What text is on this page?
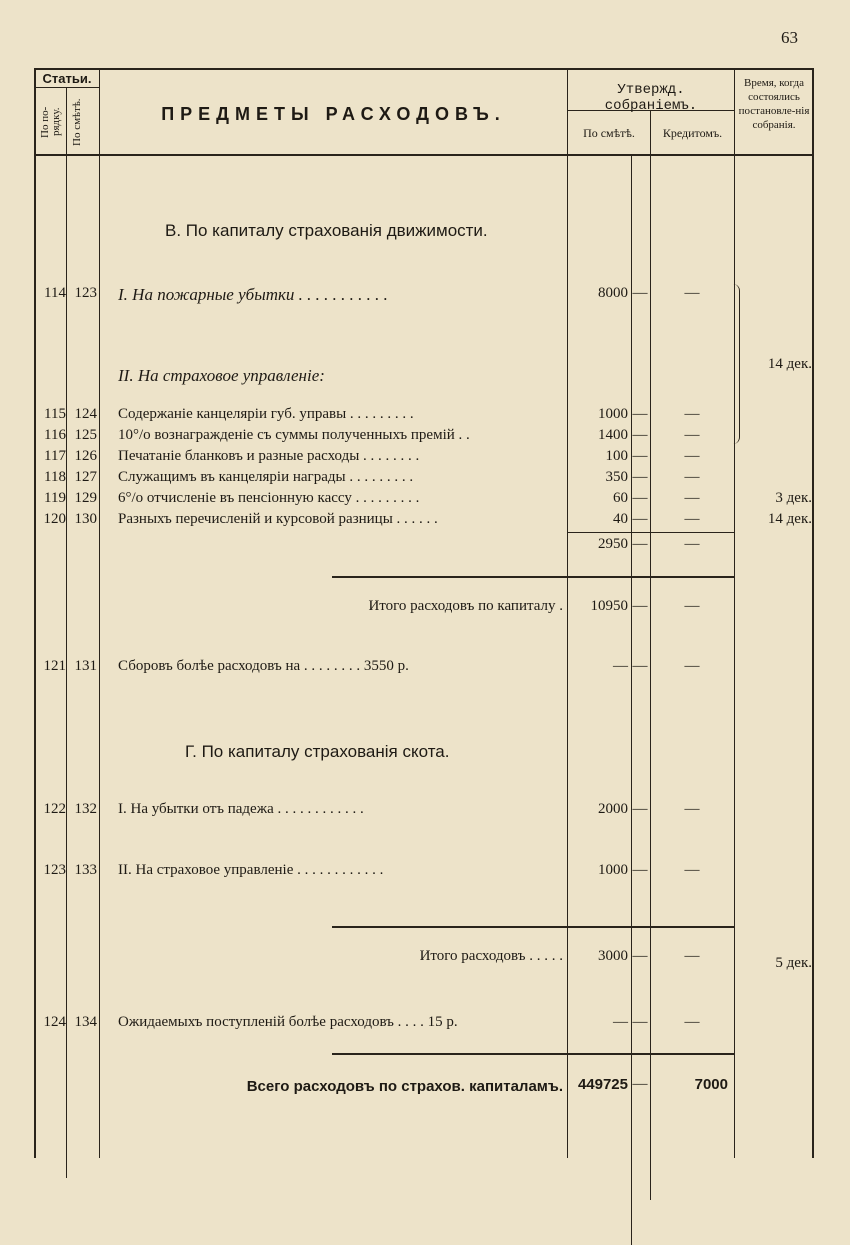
63
Статьи.
По по-рядку. По смѣтѣ.	ПРЕДМЕТЫ РАСХОДОВЪ.
Утвержд. собраніемъ.
По смѣтѣ.	Кредитомъ.
Время, когда состоялись постановле-нія собранія.
В. По капиталу страхованія движимости.
114 123 I. На пожарные убытки . . . . . . . . . . .	8000 —	—
II. На страховое управленіе:
14 дек.
115 124 Содержаніе канцеляріи губ. управы . . . . . . . . .	1000 —	—
116 125 10°/о вознагражденіе съ суммы полученныхъ премій . .	1400 —	—
117 126 Печатаніе бланковъ и разные расходы . . . . . . . .	100 —	—
118 127 Служащимъ въ канцеляріи награды . . . . . . . . .	350 —	—
119 129 6°/о отчисленіе въ пенсіонную кассу . . . . . . . . .	60 —	—	3 дек.
120 130 Разныхъ перечисленій и курсовой разницы . . . . . .	40 —	—	14 дек.
2950 —	—
Итого расходовъ по капиталу .	10950 —	—
121 131 Сборовъ болѣе расходовъ на . . . . . . . . 3550 р.	— —	—
Г. По капиталу страхованія скота.
122 132 I. На убытки отъ падежа . . . . . . . . . . . .	2000 —	—
123 133 II. На страховое управленіе . . . . . . . . . . . .	1000 —	—
Итого расходовъ . . . . .	3000 —	—	5 дек.
124 134 Ожидаемыхъ поступленій болѣе расходовъ . . . . 15 р.	— —	—
Всего расходовъ по страхов. капиталамъ. 449725 —	7000
